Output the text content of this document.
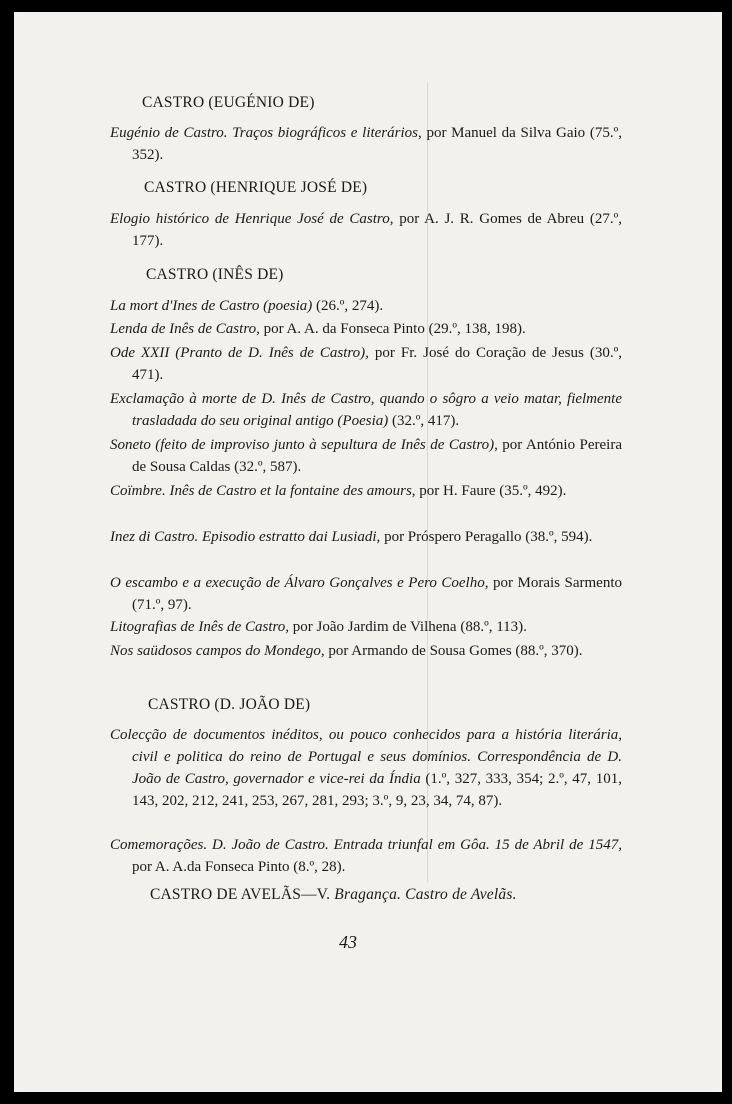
CASTRO (EUGÉNIO DE)
Eugénio de Castro. Traços biográficos e literários, por Manuel da Silva Gaio (75.º, 352).
CASTRO (HENRIQUE JOSÉ DE)
Elogio histórico de Henrique José de Castro, por A. J. R. Gomes de Abreu (27.º, 177).
CASTRO (INÊS DE)
La mort d'Ines de Castro (poesia) (26.º, 274).
Lenda de Inês de Castro, por A. A. da Fonseca Pinto (29.º, 138, 198).
Ode XXII (Pranto de D. Inês de Castro), por Fr. José do Coração de Jesus (30.º, 471).
Exclamação à morte de D. Inês de Castro, quando o sôgro a veio matar, fielmente trasladada do seu original antigo (Poesia) (32.º, 417).
Soneto (feito de improviso junto à sepultura de Inês de Castro), por António Pereira de Sousa Caldas (32.º, 587).
Coïmbre. Inês de Castro et la fontaine des amours, por H. Faure (35.º, 492).
Inez di Castro. Episodio estratto dai Lusiadi, por Próspero Peragallo (38.º, 594).
O escambo e a execução de Álvaro Gonçalves e Pero Coelho, por Morais Sarmento (71.º, 97).
Litografias de Inês de Castro, por João Jardim de Vilhena (88.º, 113).
Nos saüdosos campos do Mondego, por Armando de Sousa Gomes (88.º, 370).
CASTRO (D. JOÃO DE)
Colecção de documentos inéditos, ou pouco conhecidos para a história literária, civil e politica do reino de Portugal e seus domínios. Correspondência de D. João de Castro, governador e vice-rei da Índia (1.º, 327, 333, 354; 2.º, 47, 101, 143, 202, 212, 241, 253, 267, 281, 293; 3.º, 9, 23, 34, 74, 87).
Comemorações. D. João de Castro. Entrada triunfal em Gôa. 15 de Abril de 1547, por A. A.da Fonseca Pinto (8.º, 28).
CASTRO DE AVELÃS—V. Bragança. Castro de Avelãs.
43
